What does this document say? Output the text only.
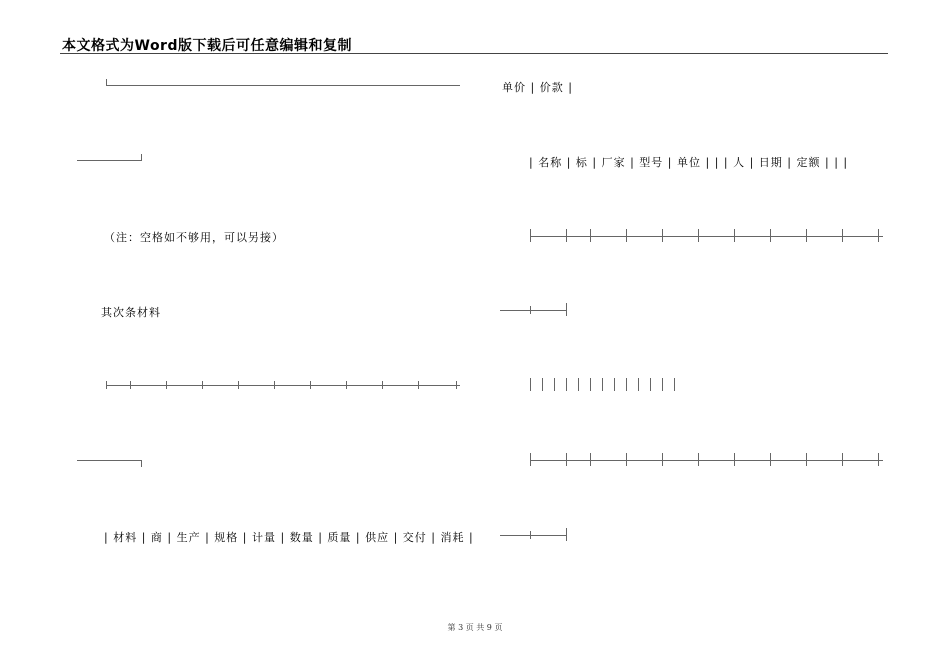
本文格式为Word版下载后可任意编辑和复制
（注：空格如不够用，可以另接）
其次条材料
| 材料 | 商 | 生产 | 规格 | 计量 | 数量 | 质量 | 供应 | 交付 | 消耗 |
单价 | 价款 |
| 名称 | 标 | 厂家 | 型号 | 单位 | | | 人 | 日期 | 定额 | | |
第 3 页 共 9 页
